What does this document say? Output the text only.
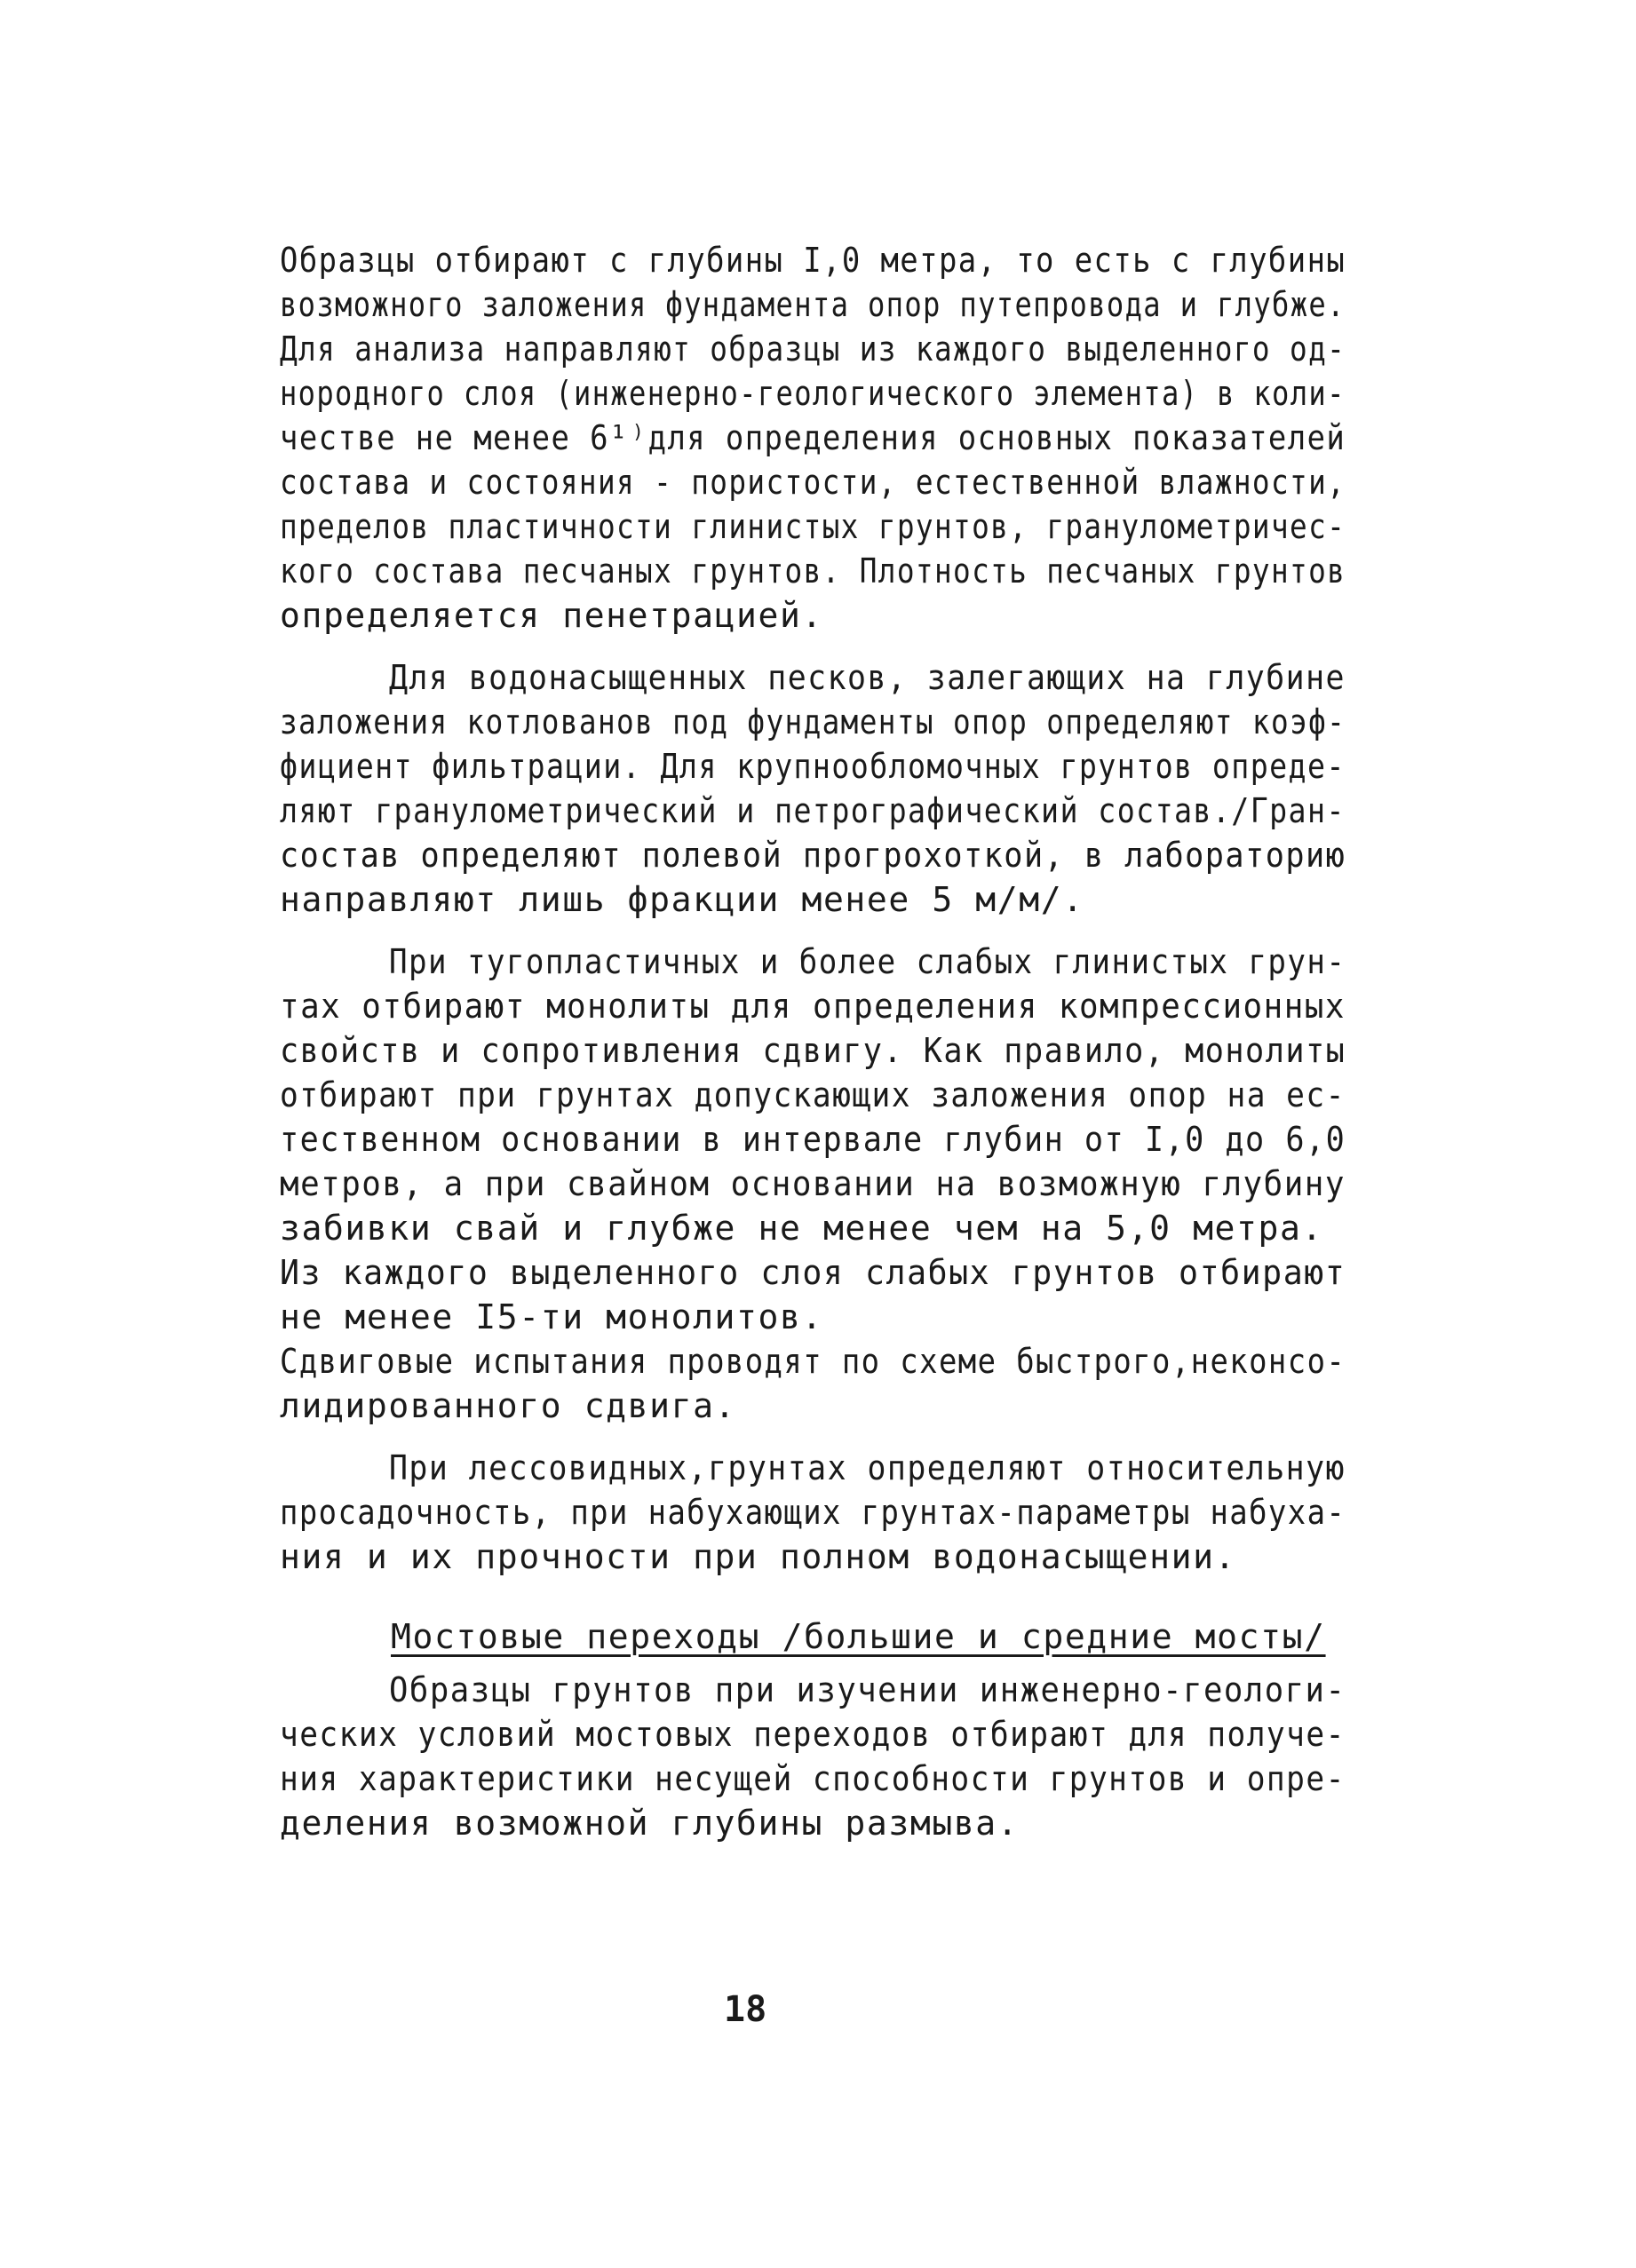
Образцы отбирают с глубины I,0 метра, то есть с глубины
возможного заложения фундамента опор путепровода и глубже.
Для анализа направляют образцы из каждого выделенного од-
нородного слоя (инженерно-геологического элемента) в коли-
честве не менее 6¹⁾для определения основных показателей
состава и состояния - пористости, естественной влажности,
пределов пластичности глинистых грунтов, гранулометричес-
кого состава песчаных грунтов. Плотность песчаных грунтов
определяется пенетрацией.
Для водонасыщенных песков, залегающих на глубине
заложения котлованов под фундаменты опор определяют коэф-
фициент фильтрации. Для крупнообломочных грунтов опреде-
ляют гранулометрический и петрографический состав./Гран-
состав определяют полевой прогрохоткой, в лабораторию
направляют лишь фракции менее 5 м/м/.
При тугопластичных и более слабых глинистых грун-
тах отбирают монолиты для определения компрессионных
свойств и сопротивления сдвигу. Как правило, монолиты
отбирают при грунтах допускающих заложения опор на ес-
тественном основании в интервале глубин от I,0 до 6,0
метров, а при свайном основании на возможную глубину
забивки свай и глубже не менее чем на 5,0 метра.
Из каждого выделенного слоя слабых грунтов отбирают
не менее I5-ти монолитов.
Сдвиговые испытания проводят по схеме быстрого,неконсо-
лидированного сдвига.
При лессовидных,грунтах определяют относительную
просадочность, при набухающих грунтах-параметры набуха-
ния и их прочности при полном водонасыщении.
Мостовые переходы /большие и средние мосты/
Образцы грунтов при изучении инженерно-геологи-
ческих условий мостовых переходов отбирают для получе-
ния характеристики несущей способности грунтов и опре-
деления возможной глубины размыва.
18
